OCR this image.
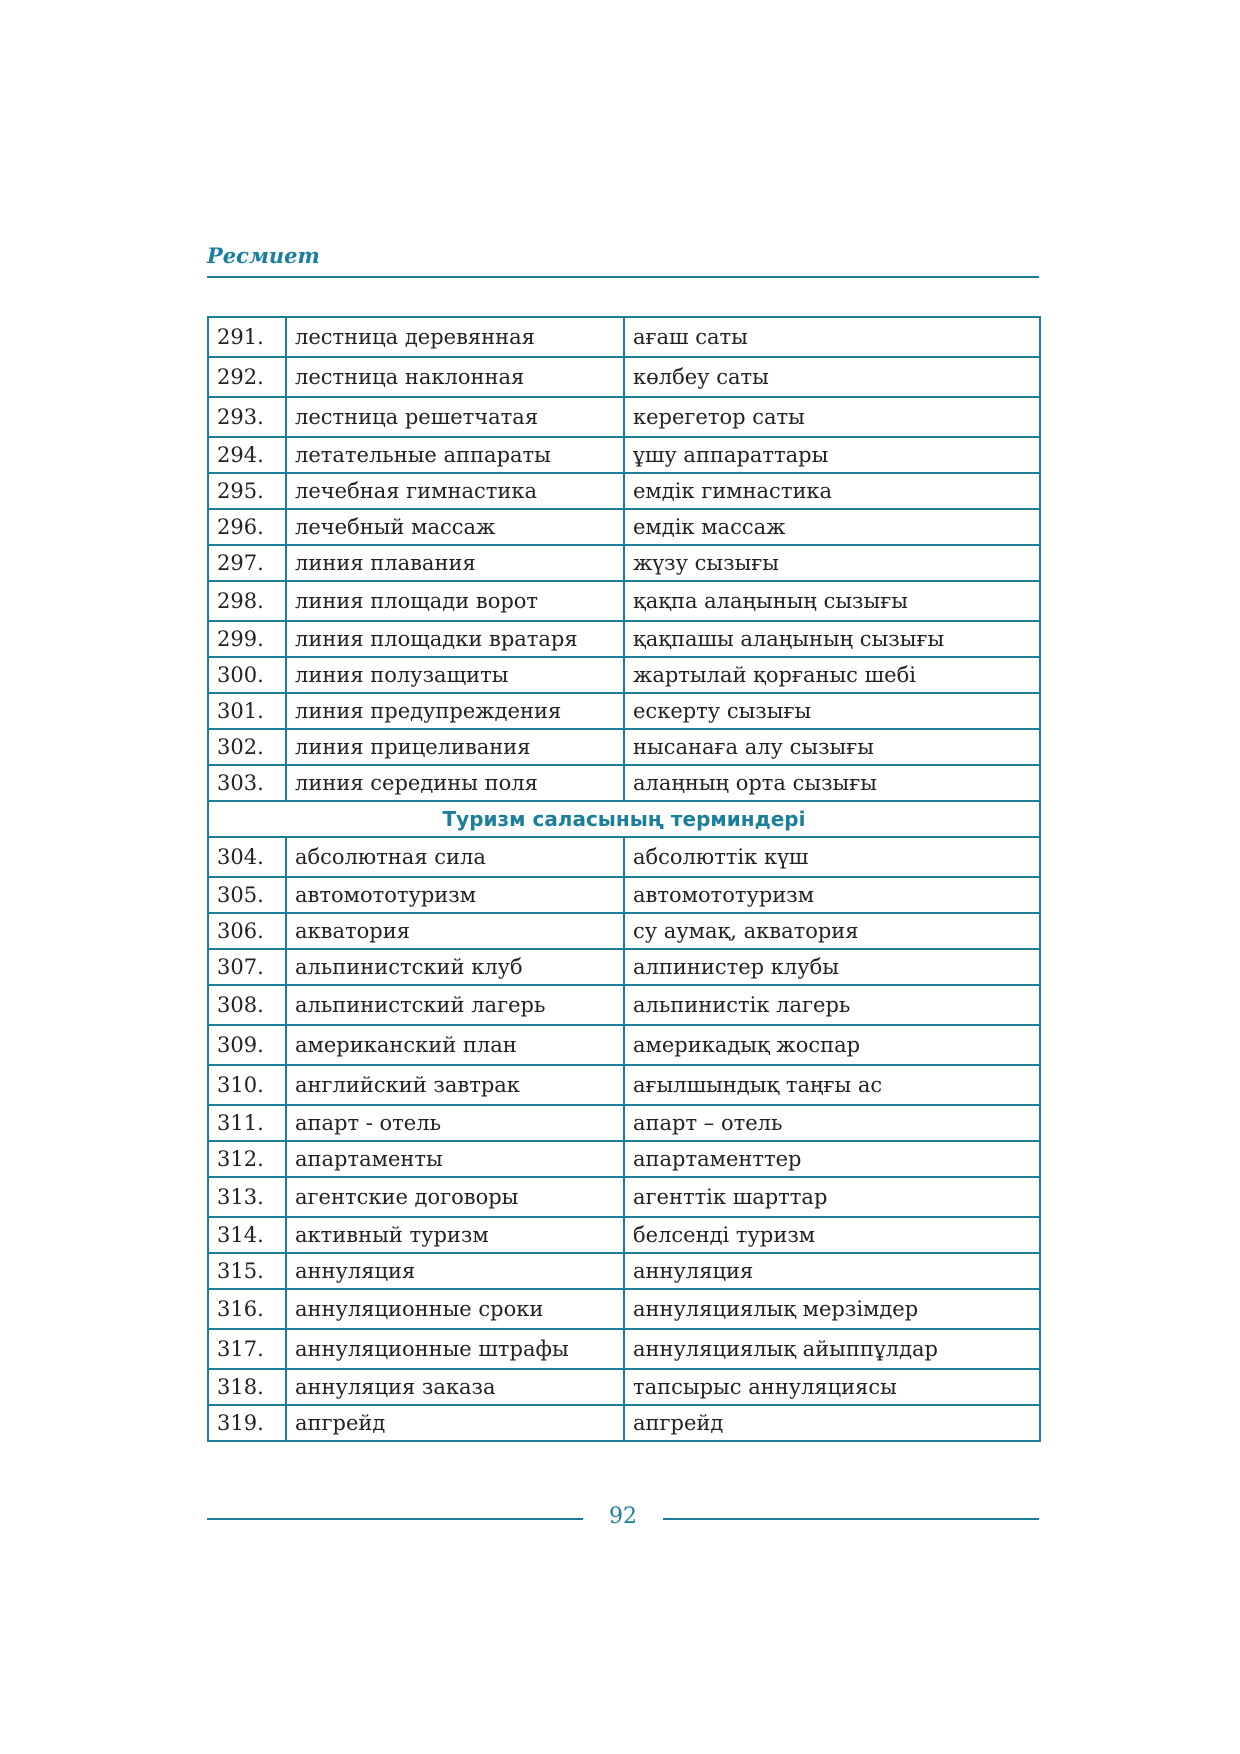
Ресмиет
291.	лестница деревянная	ағаш саты
292.	лестница наклонная	көлбеу саты
293.	лестница решетчатая	керегетор саты
294.	летательные аппараты	ұшу аппараттары
295.	лечебная гимнастика	емдік гимнастика
296.	лечебный массаж	емдік массаж
297.	линия плавания	жүзу сызығы
298.	линия площади ворот	қақпа алаңының сызығы
299.	линия площадки вратаря	қақпашы алаңының сызығы
300.	линия полузащиты	жартылай қорғаныс шебі
301.	линия предупреждения	ескерту сызығы
302.	линия прицеливания	нысанаға алу сызығы
303.	линия середины поля	алаңның орта сызығы
Туризм саласының терминдері		
304.	абсолютная сила	абсолюттік күш
305.	автомототуризм	автомототуризм
306.	акватория	су аумақ, акватория
307.	альпинистский клуб	алпинистер клубы
308.	альпинистский лагерь	альпинистік лагерь
309.	американский план	америкадық жоспар
310.	английский завтрак	ағылшындық таңғы ас
311.	апарт - отель	апарт – отель
312.	апартаменты	апартаменттер
313.	агентские договоры	агенттік шарттар
314.	активный туризм	белсенді туризм
315.	аннуляция	аннуляция
316.	аннуляционные сроки	аннуляциялық мерзімдер
317.	аннуляционные штрафы	аннуляциялық айыппұлдар
318.	аннуляция заказа	тапсырыс аннуляциясы
319.	апгрейд	апгрейд
92
